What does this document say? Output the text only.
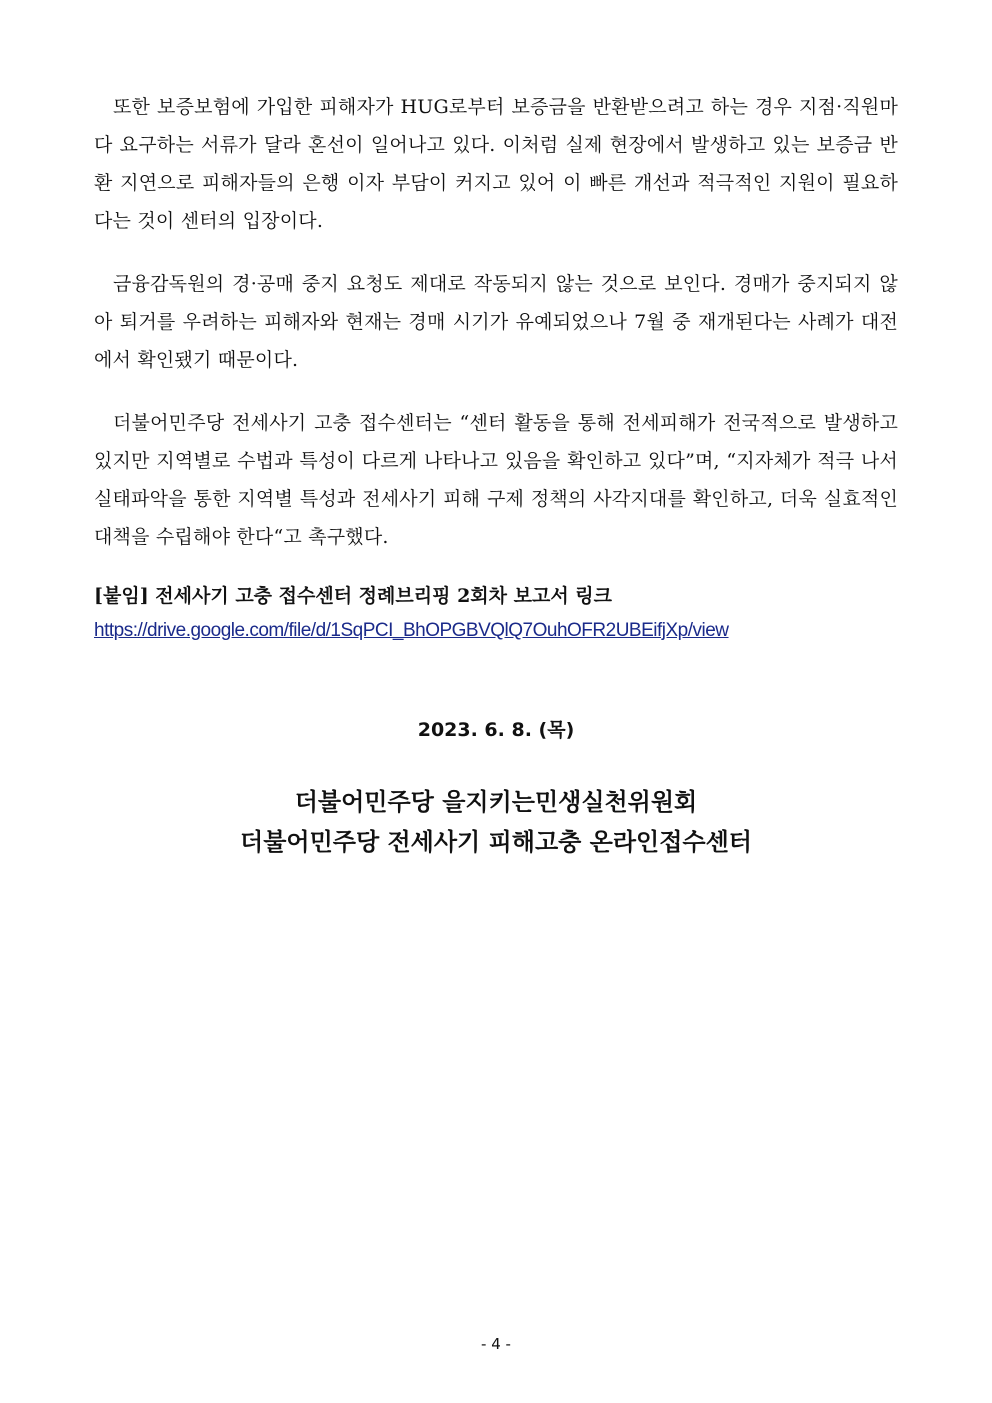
또한 보증보험에 가입한 피해자가 HUG로부터 보증금을 반환받으려고 하는 경우 지점·직원마다 요구하는 서류가 달라 혼선이 일어나고 있다. 이처럼 실제 현장에서 발생하고 있는 보증금 반환 지연으로 피해자들의 은행 이자 부담이 커지고 있어 이 빠른 개선과 적극적인 지원이 필요하다는 것이 센터의 입장이다.

금융감독원의 경·공매 중지 요청도 제대로 작동되지 않는 것으로 보인다. 경매가 중지되지 않아 퇴거를 우려하는 피해자와 현재는 경매 시기가 유예되었으나 7월 중 재개된다는 사례가 대전에서 확인됐기 때문이다.

더불어민주당 전세사기 고충 접수센터는 “센터 활동을 통해 전세피해가 전국적으로 발생하고 있지만 지역별로 수법과 특성이 다르게 나타나고 있음을 확인하고 있다”며, “지자체가 적극 나서 실태파악을 통한 지역별 특성과 전세사기 피해 구제 정책의 사각지대를 확인하고, 더욱 실효적인 대책을 수립해야 한다“고 촉구했다.

[붙임] 전세사기 고충 접수센터 정례브리핑 2회차 보고서 링크

https://drive.google.com/file/d/1SqPCI_BhOPGBVQlQ7OuhOFR2UBEifjXp/view

2023. 6. 8. (목)

더불어민주당 을지키는민생실천위원회

더불어민주당 전세사기 피해고충 온라인접수센터

- 4 -
